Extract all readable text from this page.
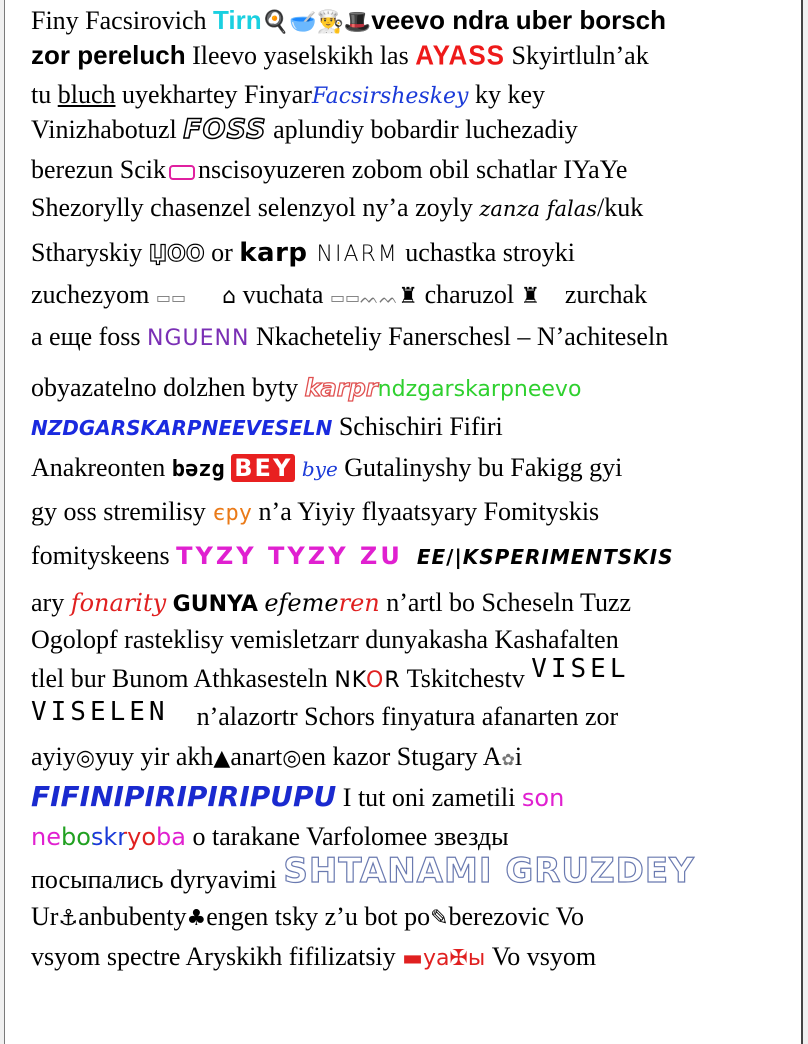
Finy Facsirovich Tirn🍳🥣👨‍🍳🎩veevo ndra uber borsch
zor pereluch Ileevo yaselskikh las AYASS Skyirtluln’ak
tu bluch uyekhartey FinyarFacsirsheskey ky key
Vinizhabotuzl FOSS aplundiy bobardir luchezadiy
berezun Scik nscisoyuzeren zobom obil schatlar IYaYe
Shezorylly chasenzel selenzyol ny’a zoyly zanza falas/kuk
Stharyskiy ЏОО or karp NIARM uchastka stroyki
zuchezyom ▭▭ ⌂ vuchata ▭▭ᨓᨓ♜ charuzol ♜ zurchak
а еще foss NGUENN Nkacheteliy Fanerschesl – N’achiteseln
obyazatelno dolzhen byty karprndzgarskarpneevo
NZDGARSKARPNEEVESELN Schischiri Fifiri
Anakreonten bəzg BEY bye Gutalinyshy bu Fakigg gyi
gy oss stremilisy єpy n’a Yiyiy flyaatsyary Fomityskis
fomityskeens TYZY TYZY ZU EE/|KSPERIMENTSKIS
ary fonarity GUNYA efemeren n’artl bo Scheseln Tuzz
Ogolopf rasteklisy vemisletzarr dunyakasha Kashafalten
tlel bur Bunom Athkasesteln NKOR Tskitchestv VISEL
VISELEN n’alazortr Schors finyatura afanarten zor
ayiy◎yuy yir akh▲anart◎en kazor Stugary A✿i
FIFINIPIRIPIRIPUPU I tut oni zametili son
neboskryoba o tarakane Varfolomee звезды
посыпались dyryavimi SHTANAMI GRUZDEY
Ur⚓anbubenty♣engen tsky z’u bot po✎berezovic Vo
vsyom spectre Aryskikh fifilizatsiy ▬уа✠ы Vo vsyom
